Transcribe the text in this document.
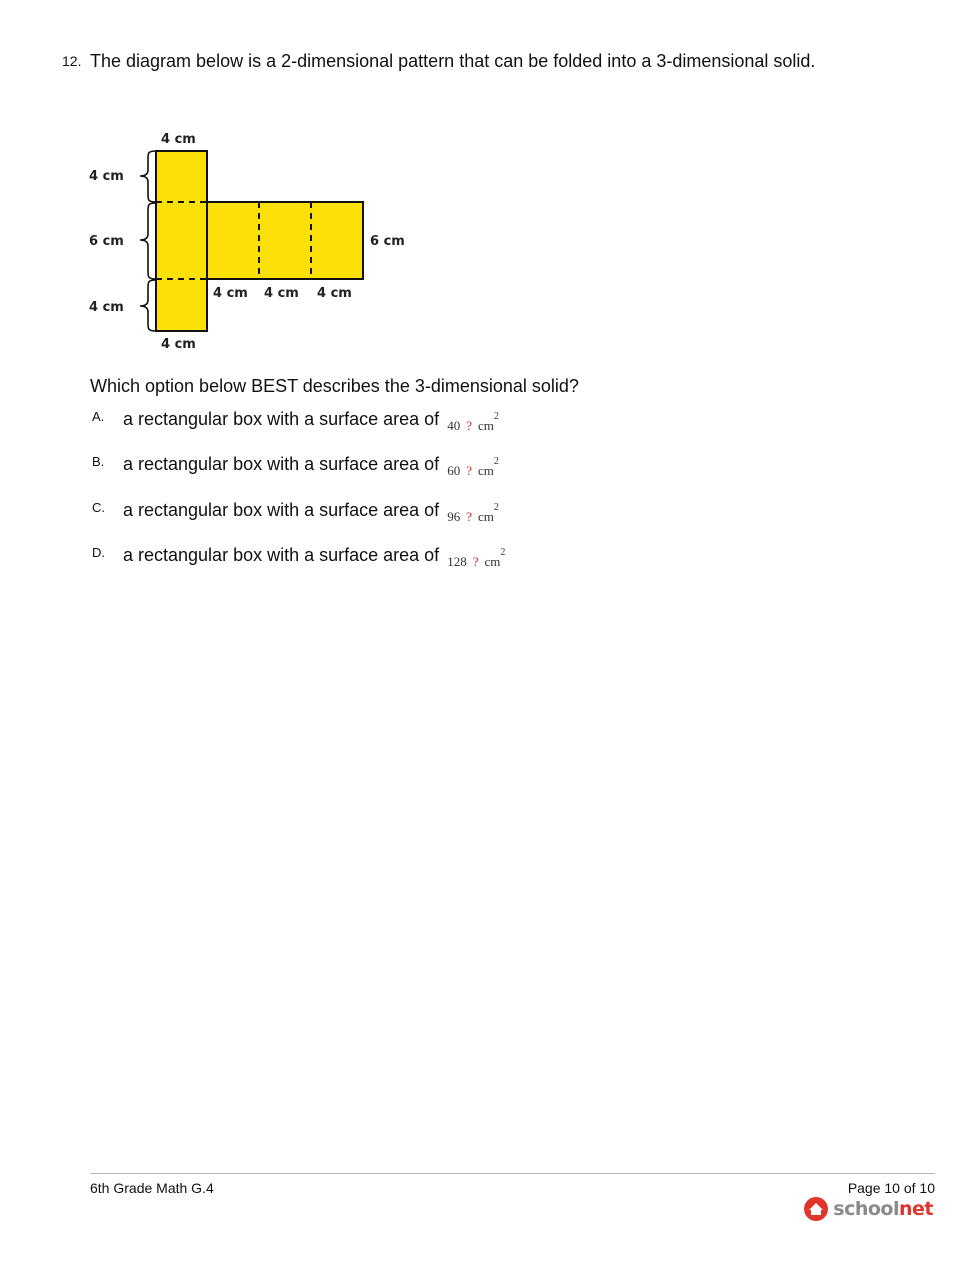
12. The diagram below is a 2-dimensional pattern that can be folded into a 3-dimensional solid.
4 cm
4 cm
6 cm
4 cm
6 cm
4 cm 4 cm 4 cm
4 cm
Which option below BEST describes the 3-dimensional solid?
A. a rectangular box with a surface area of $_{40 ? cm^2}$
B. a rectangular box with a surface area of $_{60 ? cm^2}$
C. a rectangular box with a surface area of $_{96 ? cm^2}$
D. a rectangular box with a surface area of $_{128 ? cm^2}$
6th Grade Math G.4	Page 10 of 10
schoolnet
